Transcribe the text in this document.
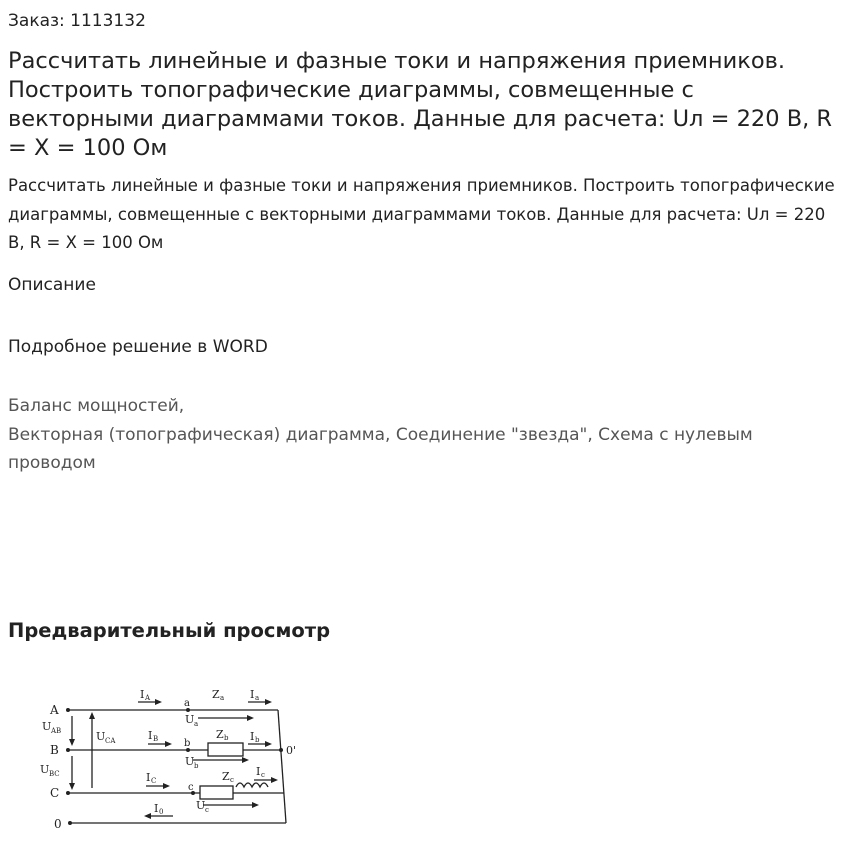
Заказ: 1113132
Рассчитать линейные и фазные токи и напряжения приемников. Построить топографические диаграммы, совмещенные с векторными диаграммами токов. Данные для расчета: Uл = 220 В, R = X = 100 Ом
Рассчитать линейные и фазные токи и напряжения приемников. Построить топографические диаграммы, совмещенные с векторными диаграммами токов. Данные для расчета: Uл = 220 В, R = X = 100 Ом
Описание
Подробное решение в WORD
Баланс мощностей,
Векторная (топографическая) диаграмма, Соединение "звезда", Схема с нулевым проводом
Предварительный просмотр
A
B
C
0
0'
U AB
U BC
U CA
I A
I B
I C
I 0
Z a
Z b
Z c
a
b
c
U a
U b
U c
I a
I b
I c
